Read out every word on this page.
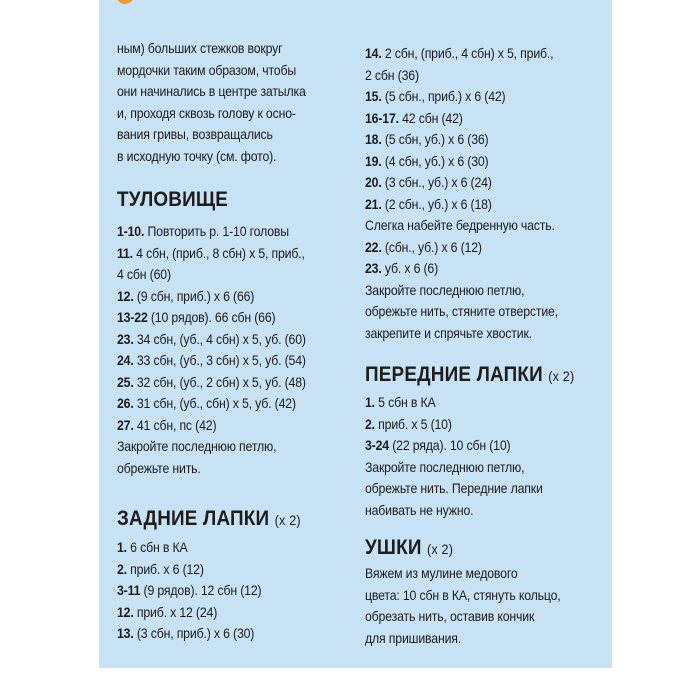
ным) больших стежков вокруг
мордочки таким образом, чтобы
они начинались в центре затылка
и, проходя сквозь голову к осно-
вания гривы, возвращались
в исходную точку (см. фото).
ТУЛОВИЩЕ
1-10. Повторить р. 1-10 головы
11. 4 сбн, (приб., 8 сбн) х 5, приб.,
4 сбн (60)
12. (9 сбн, приб.) х 6 (66)
13-22 (10 рядов). 66 сбн (66)
23. 34 сбн, (уб., 4 сбн) х 5, уб. (60)
24. 33 сбн, (уб., 3 сбн) х 5, уб. (54)
25. 32 сбн, (уб., 2 сбн) х 5, уб. (48)
26. 31 сбн, (уб., сбн) х 5, уб. (42)
27. 41 сбн, пс (42)
Закройте последнюю петлю,
обрежьте нить.
ЗАДНИЕ ЛАПКИ (х 2)
1. 6 сбн в КА
2. приб. х 6 (12)
3-11 (9 рядов). 12 сбн (12)
12. приб. х 12 (24)
13. (3 сбн, приб.) х 6 (30)
14. 2 сбн, (приб., 4 сбн) х 5, приб.,
2 сбн (36)
15. (5 сбн., приб.) х 6 (42)
16-17. 42 сбн (42)
18. (5 сбн, уб.) х 6 (36)
19. (4 сбн, уб.) х 6 (30)
20. (3 сбн., уб.) х 6 (24)
21. (2 сбн., уб.) х 6 (18)
Слегка набейте бедренную часть.
22. (сбн., уб.) х 6 (12)
23. уб. х 6 (6)
Закройте последнюю петлю,
обрежьте нить, стяните отверстие,
закрепите и спрячьте хвостик.
ПЕРЕДНИЕ ЛАПКИ (х 2)
1. 5 сбн в КА
2. приб. х 5 (10)
3-24 (22 ряда). 10 сбн (10)
Закройте последнюю петлю,
обрежьте нить. Передние лапки
набивать не нужно.
УШКИ (х 2)
Вяжем из мулине медового
цвета: 10 сбн в КА, стянуть кольцо,
обрезать нить, оставив кончик
для пришивания.
